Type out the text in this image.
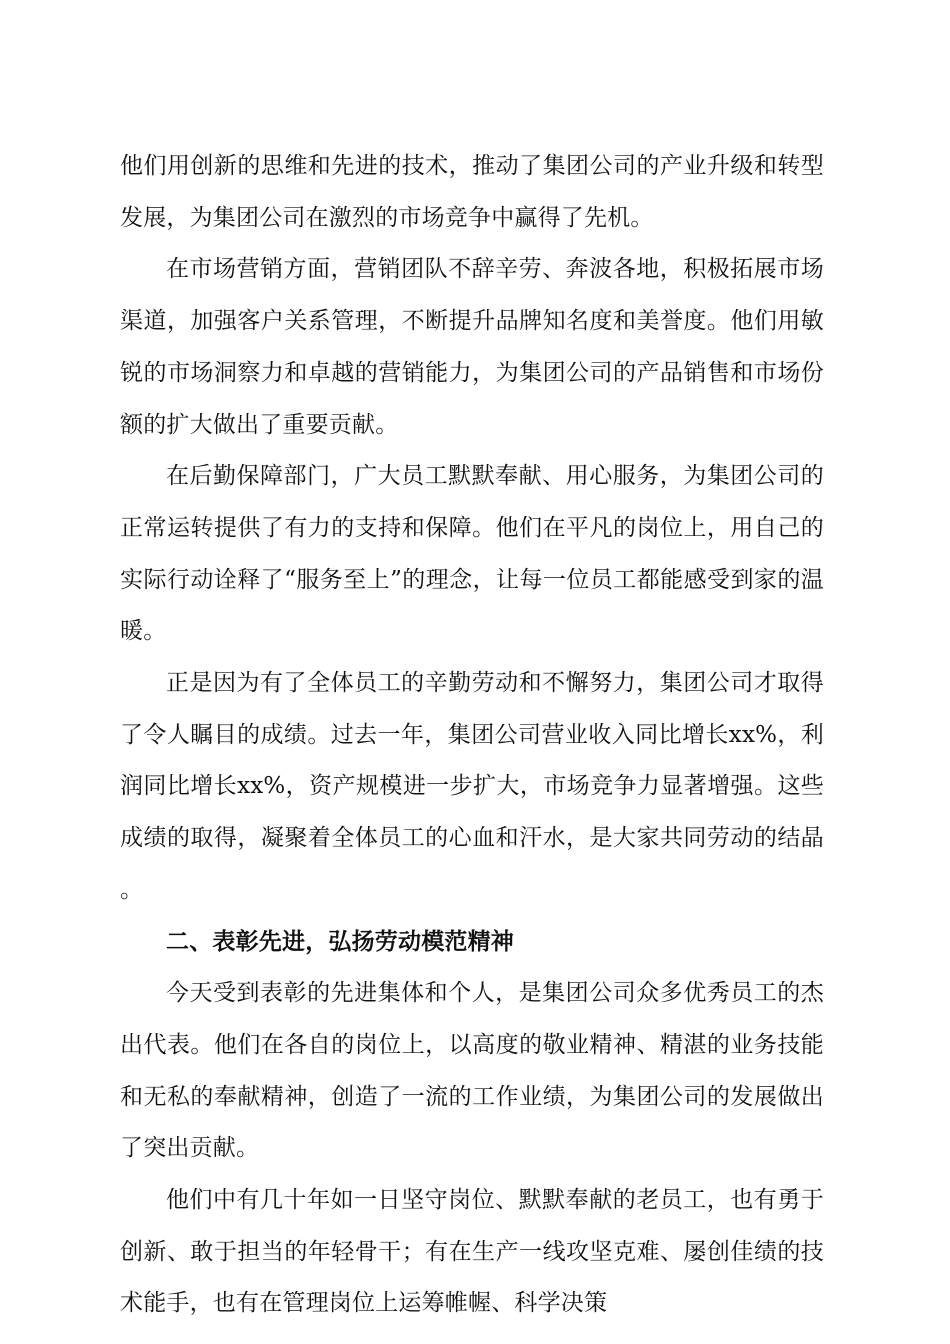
他们用创新的思维和先进的技术，推动了集团公司的产业升级和转型发展，为集团公司在激烈的市场竞争中赢得了先机。

在市场营销方面，营销团队不辞辛劳、奔波各地，积极拓展市场渠道，加强客户关系管理，不断提升品牌知名度和美誉度。他们用敏锐的市场洞察力和卓越的营销能力，为集团公司的产品销售和市场份额的扩大做出了重要贡献。

在后勤保障部门，广大员工默默奉献、用心服务，为集团公司的正常运转提供了有力的支持和保障。他们在平凡的岗位上，用自己的实际行动诠释了“服务至上”的理念，让每一位员工都能感受到家的温暖。

正是因为有了全体员工的辛勤劳动和不懈努力，集团公司才取得了令人瞩目的成绩。过去一年，集团公司营业收入同比增长xx%，利润同比增长xx%，资产规模进一步扩大，市场竞争力显著增强。这些成绩的取得，凝聚着全体员工的心血和汗水，是大家共同劳动的结晶。

二、表彰先进，弘扬劳动模范精神

今天受到表彰的先进集体和个人，是集团公司众多优秀员工的杰出代表。他们在各自的岗位上，以高度的敬业精神、精湛的业务技能和无私的奉献精神，创造了一流的工作业绩，为集团公司的发展做出了突出贡献。

他们中有几十年如一日坚守岗位、默默奉献的老员工，也有勇于创新、敢于担当的年轻骨干；有在生产一线攻坚克难、屡创佳绩的技术能手，也有在管理岗位上运筹帷幄、科学决策
